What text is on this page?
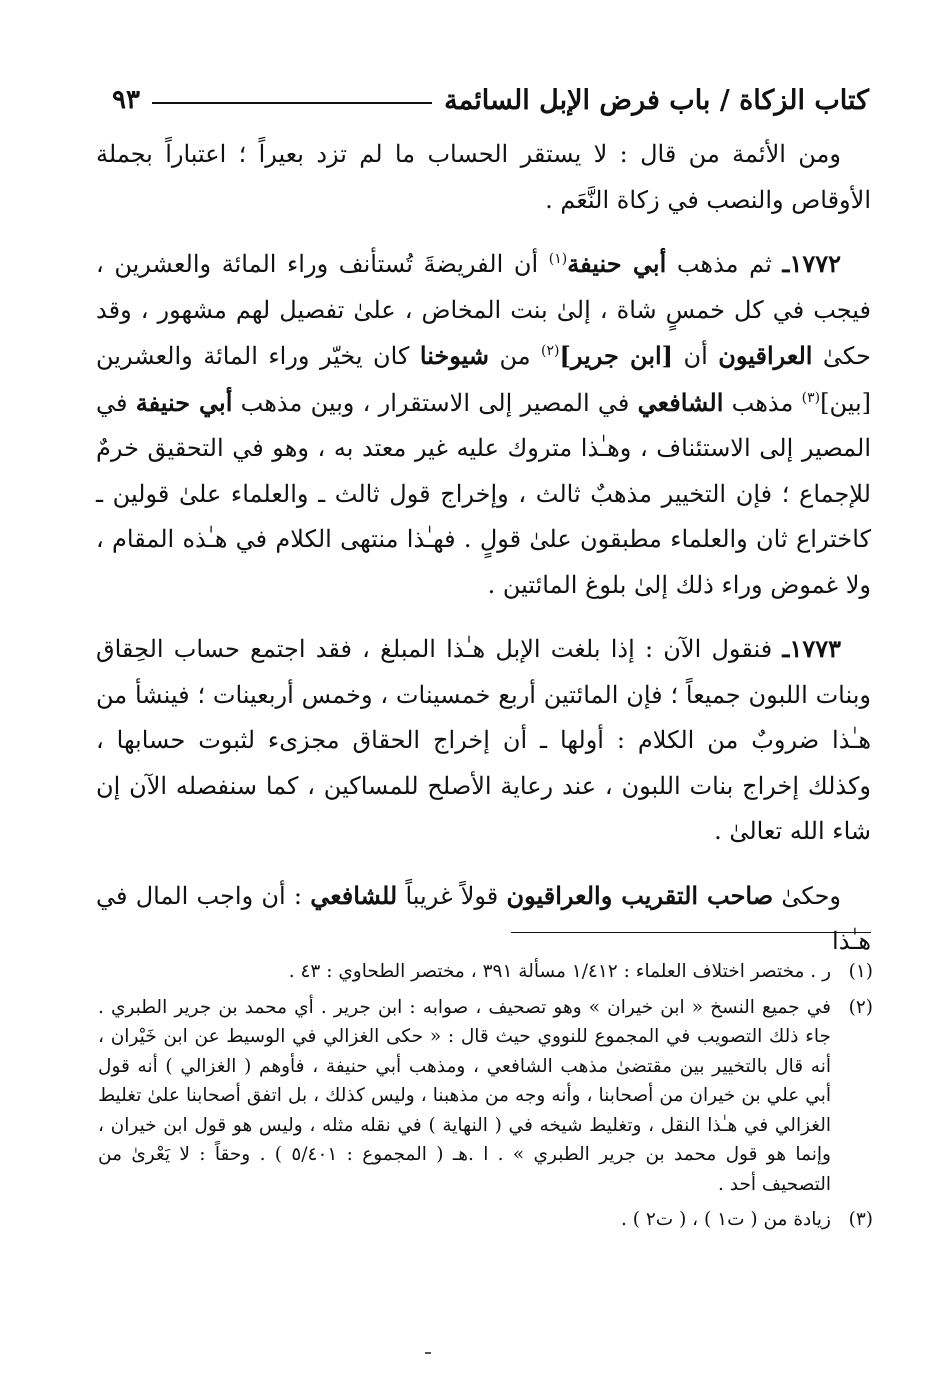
كتاب الزكاة / باب فرض الإبل السائمة
٩٣

ومن الأئمة من قال : لا يستقر الحساب ما لم تزد بعيراً ؛ اعتباراً بجملة الأوقاص والنصب في زكاة النَّعَم .

١٧٧٢ـ ثم مذهب أبي حنيفة$^{(١)}$ أن الفريضةَ تُستأنف وراء المائة والعشرين ، فيجب في كل خمسٍ شاة ، إلىٰ بنت المخاض ، علىٰ تفصيل لهم مشهور ، وقد حكىٰ العراقيون أن [ابن جرير]$^{(٢)}$ من شيوخنا كان يخيّر وراء المائة والعشرين [بين]$^{(٣)}$ مذهب الشافعي في المصير إلى الاستقرار ، وبين مذهب أبي حنيفة في المصير إلى الاستئناف ، وهـٰذا متروك عليه غير معتد به ، وهو في التحقيق خرمٌ للإجماع ؛ فإن التخيير مذهبٌ ثالث ، وإخراج قول ثالث ـ والعلماء علىٰ قولين ـ كاختراع ثان والعلماء مطبقون علىٰ قولٍ . فهـٰذا منتهى الكلام في هـٰذه المقام ، ولا غموض وراء ذلك إلىٰ بلوغ المائتين .

١٧٧٣ـ فنقول الآن : إذا بلغت الإبل هـٰذا المبلغ ، فقد اجتمع حساب الحِقاق وبنات اللبون جميعاً ؛ فإن المائتين أربع خمسينات ، وخمس أربعينات ؛ فينشأ من هـٰذا ضروبٌ من الكلام : أولها ـ أن إخراج الحقاق مجزىء لثبوت حسابها ، وكذلك إخراج بنات اللبون ، عند رعاية الأصلح للمساكين ، كما سنفصله الآن إن شاء الله تعالىٰ .

وحكىٰ صاحب التقريب والعراقيون قولاً غريباً للشافعي : أن واجب المال في هـٰذا

(١)
ر . مختصر اختلاف العلماء : ١/٤١٢ مسألة ٣٩١ ، مختصر الطحاوي : ٤٣ .
(٢)
في جميع النسخ « ابن خيران » وهو تصحيف ، صوابه : ابن جرير . أي محمد بن جرير الطبري . جاء ذلك التصويب في المجموع للنووي حيث قال : « حكى الغزالي في الوسيط عن ابن خَيْران ، أنه قال بالتخيير بين مقتضىٰ مذهب الشافعي ، ومذهب أبي حنيفة ، فأوهم ( الغزالي ) أنه قول أبي علي بن خيران من أصحابنا ، وأنه وجه من مذهبنا ، وليس كذلك ، بل اتفق أصحابنا علىٰ تغليط الغزالي في هـٰذا النقل ، وتغليط شيخه في ( النهاية ) في نقله مثله ، وليس هو قول ابن خيران ، وإنما هو قول محمد بن جرير الطبري » . ا .هـ ( المجموع : ٥/٤٠١ ) . وحقاً : لا يَعْرىٰ من التصحيف أحد .
(٣)
زيادة من ( ت١ ) ، ( ت٢ ) .
